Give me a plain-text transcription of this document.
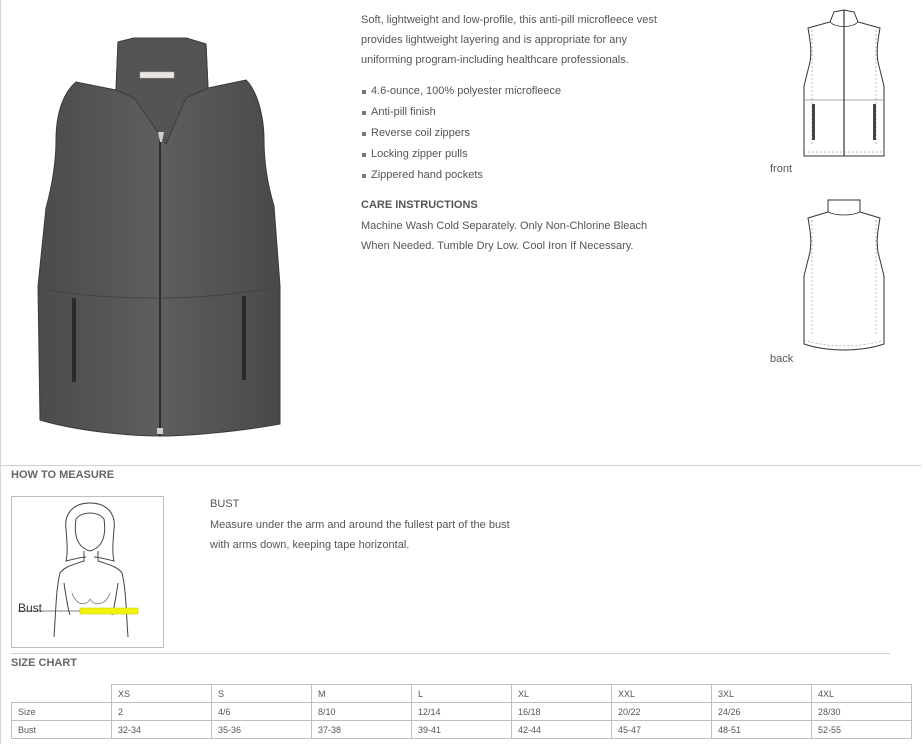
Soft, lightweight and low-profile, this anti-pill microfleece vest provides lightweight layering and is appropriate for any uniforming program-including healthcare professionals.
4.6-ounce, 100% polyester microfleece
Anti-pill finish
Reverse coil zippers
Locking zipper pulls
Zippered hand pockets
CARE INSTRUCTIONS
Machine Wash Cold Separately. Only Non-Chlorine Bleach When Needed. Tumble Dry Low. Cool Iron If Necessary.
front
back
HOW TO MEASURE
Bust
BUST
Measure under the arm and around the fullest part of the bust with arms down, keeping tape horizontal.
SIZE CHART
	XS	S	M	L	XL	XXL	3XL	4XL
Size	2	4/6	8/10	12/14	16/18	20/22	24/26	28/30
Bust	32-34	35-36	37-38	39-41	42-44	45-47	48-51	52-55
